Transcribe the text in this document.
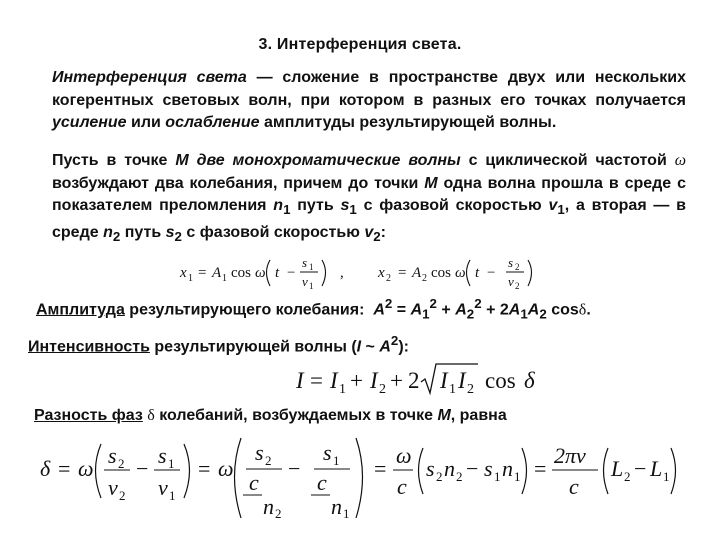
3. Интерференция света.
Интерференция света — сложение в пространстве двух или нескольких когерентных световых волн, при котором в разных его точках получается усиление или ослабление амплитуды результирующей волны.
Пусть в точке M две монохроматические волны с циклической частотой ω возбуждают два колебания, причем до точки M одна волна прошла в среде с показателем преломления $n_1$ путь $s_1$ с фазовой скоростью $v_1$, а вторая — в среде $n_2$ путь $s_2$ с фазовой скоростью $v_2$:
x 1 = A 1 cos ω t −
s 1
v 1
, x 2 = A 2 cos ω t −
s 2
v 2
Амплитуда результирующего колебания: $A^2 = A_1^2 + A_2^2 + 2A_1A_2$ cosδ.
Интенсивность результирующей волны (I ~ $A^2$):
I = I 1 + I 2 + 2 I 1 I 2 cos δ
Разность фаз δ колебаний, возбуждаемых в точке M, равна
δ = ω
s 2
v 2
−
s 1
v 1
= ω
s 2
c
n 2
−
s 1
c
n 1
=
ω
c
s 2 n 2 − s 1 n 1 =
2πν
c
L 2 − L 1
